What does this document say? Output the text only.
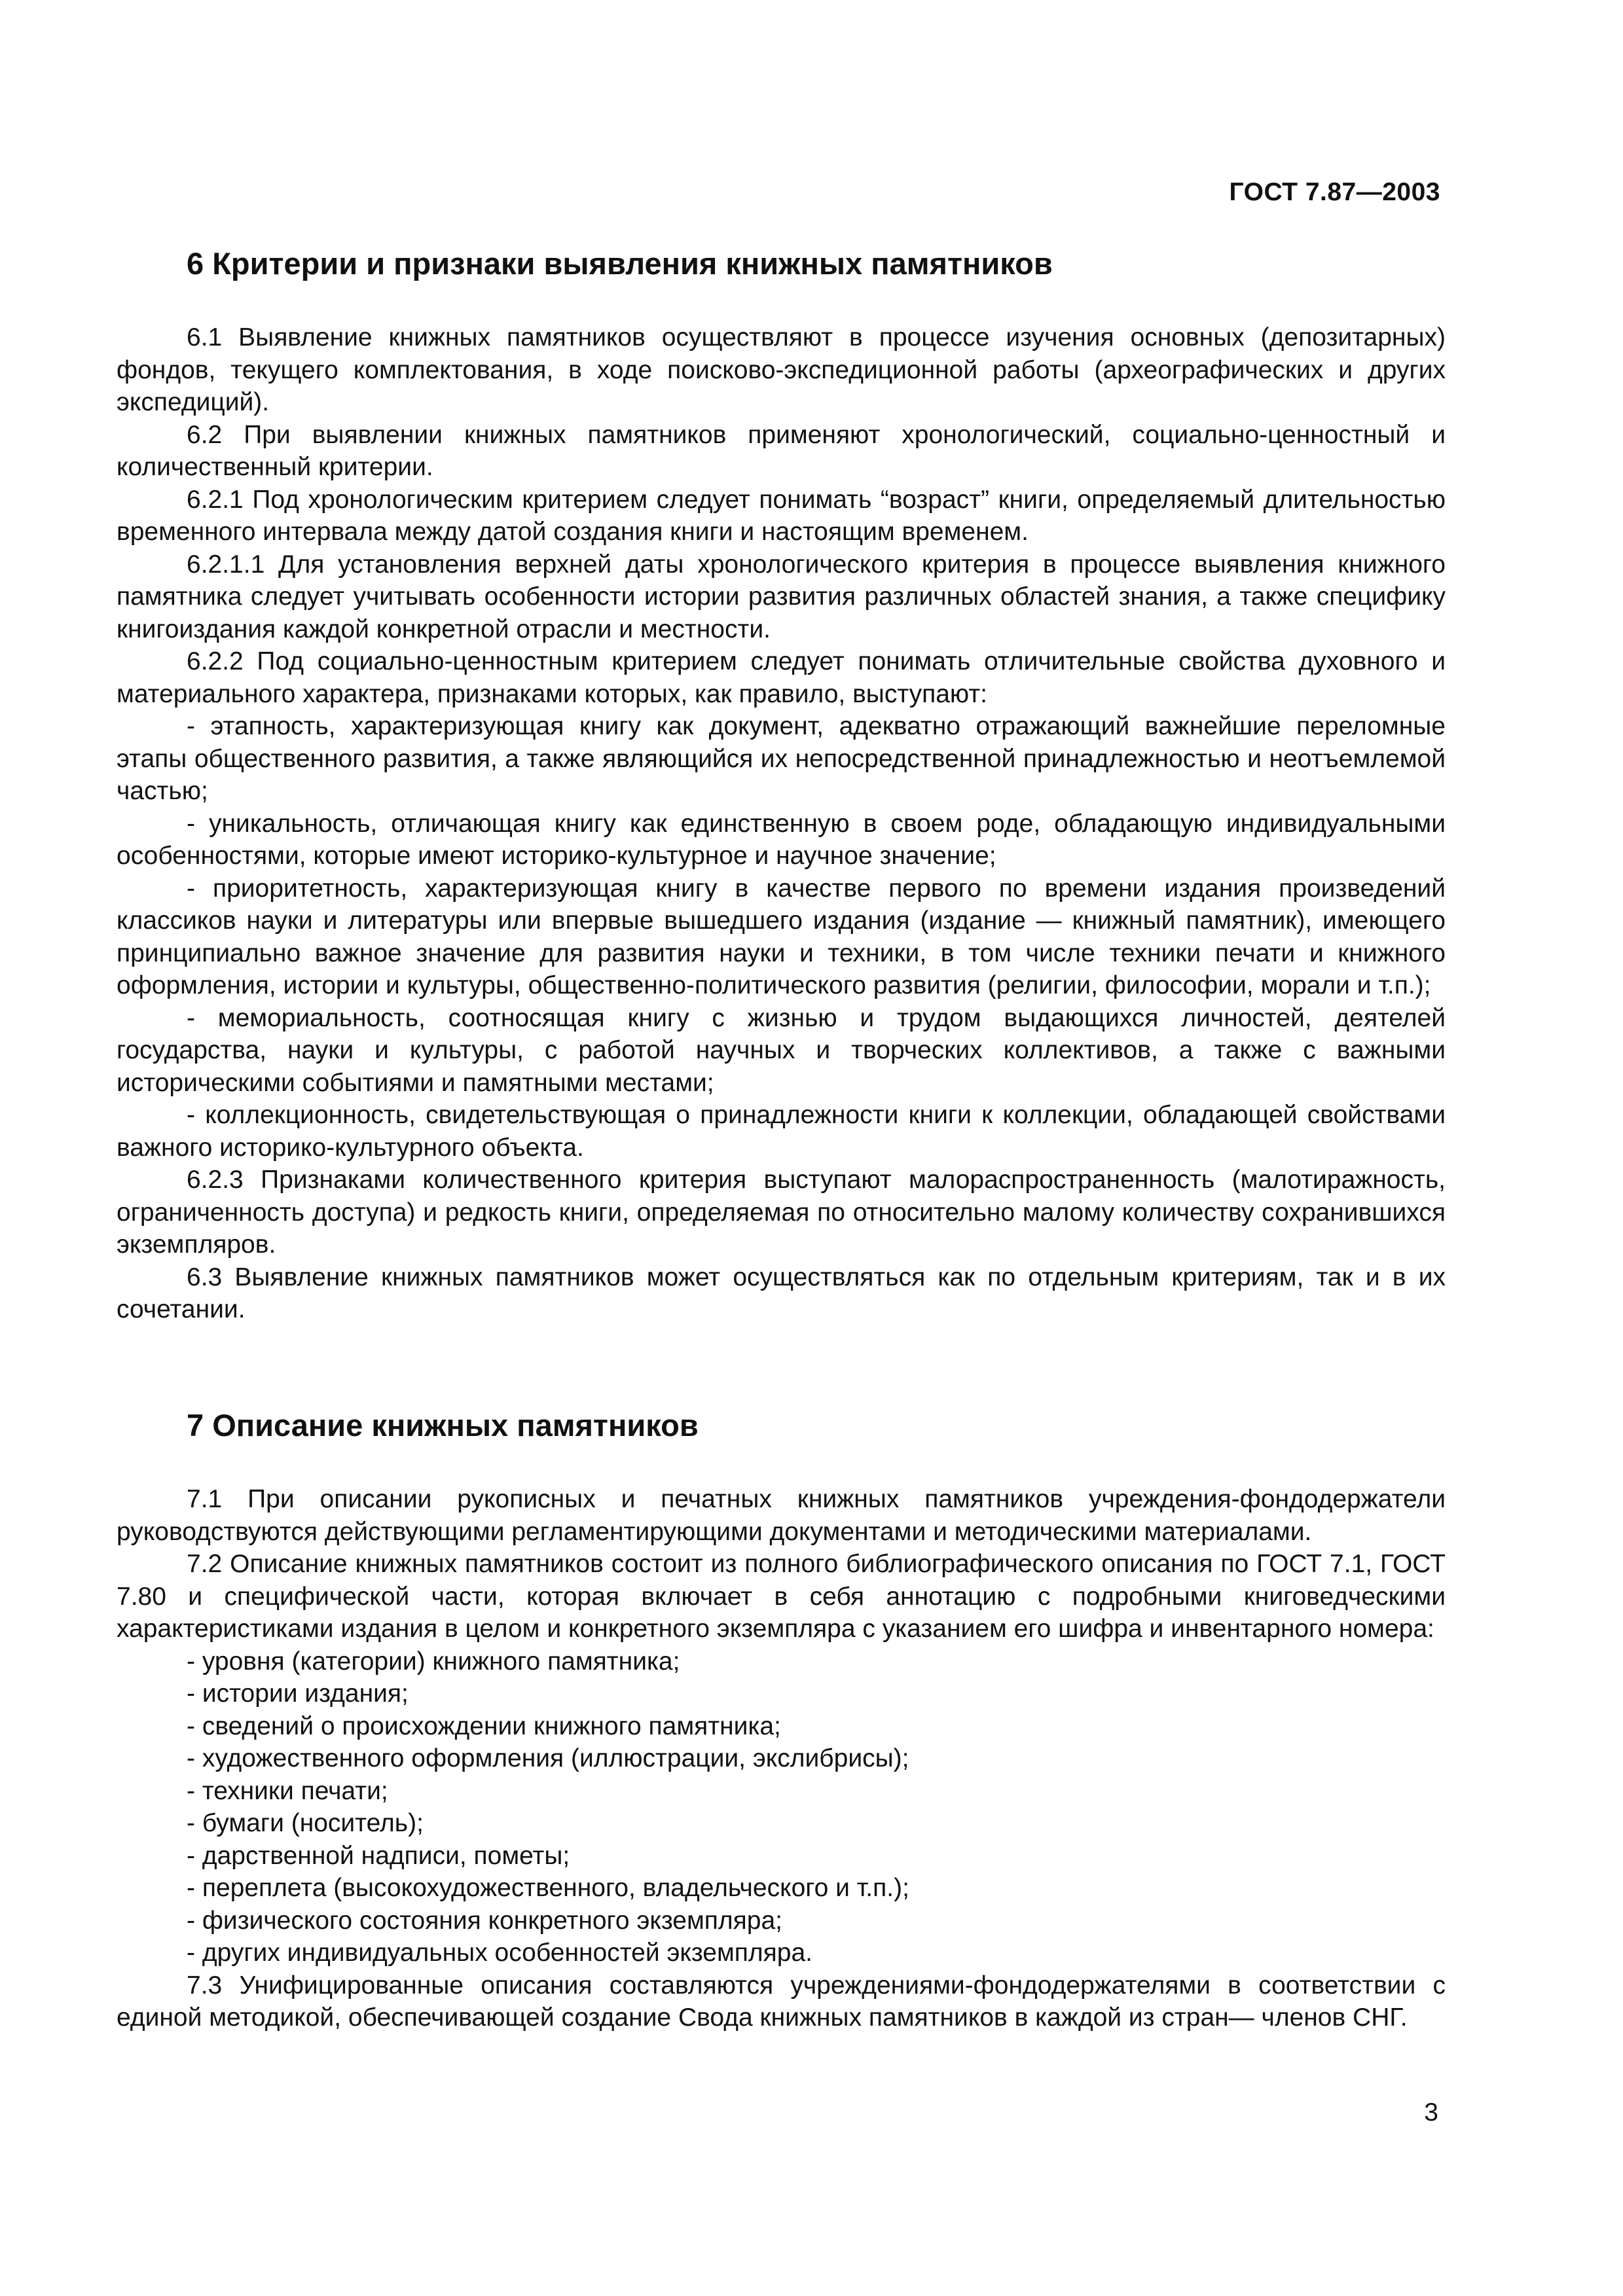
ГОСТ 7.87—2003
6 Критерии и признаки выявления книжных памятников

6.1 Выявление книжных памятников осуществляют в процессе изучения основных (депозитарных) фондов, текущего комплектования, в ходе поисково-экспедиционной работы (археографических и других экспедиций).

6.2 При выявлении книжных памятников применяют хронологический, социально-ценностный и количественный критерии.

6.2.1 Под хронологическим критерием следует понимать “возраст” книги, определяемый длительностью временного интервала между датой создания книги и настоящим временем.

6.2.1.1 Для установления верхней даты хронологического критерия в процессе выявления книжного памятника следует учитывать особенности истории развития различных областей знания, а также специфику книгоиздания каждой конкретной отрасли и местности.

6.2.2 Под социально-ценностным критерием следует понимать отличительные свойства духовного и материального характера, признаками которых, как правило, выступают:

- этапность, характеризующая книгу как документ, адекватно отражающий важнейшие переломные этапы общественного развития, а также являющийся их непосредственной принадлежностью и неотъемлемой частью;

- уникальность, отличающая книгу как единственную в своем роде, обладающую индивидуальными особенностями, которые имеют историко-культурное и научное значение;

- приоритетность, характеризующая книгу в качестве первого по времени издания произведений классиков науки и литературы или впервые вышедшего издания (издание — книжный памятник), имеющего принципиально важное значение для развития науки и техники, в том числе техники печати и книжного оформления, истории и культуры, общественно-политического развития (религии, философии, морали и т.п.);

- мемориальность, соотносящая книгу с жизнью и трудом выдающихся личностей, деятелей государства, науки и культуры, с работой научных и творческих коллективов, а также с важными историческими событиями и памятными местами;

- коллекционность, свидетельствующая о принадлежности книги к коллекции, обладающей свойствами важного историко-культурного объекта.

6.2.3 Признаками количественного критерия выступают малораспространенность (малотиражность, ограниченность доступа) и редкость книги, определяемая по относительно малому количеству сохранившихся экземпляров.

6.3 Выявление книжных памятников может осуществляться как по отдельным критериям, так и в их сочетании.

7 Описание книжных памятников

7.1 При описании рукописных и печатных книжных памятников учреждения-фондодержатели руководствуются действующими регламентирующими документами и методическими материалами.

7.2 Описание книжных памятников состоит из полного библиографического описания по ГОСТ 7.1, ГОСТ 7.80 и специфической части, которая включает в себя аннотацию с подробными книговедческими характеристиками издания в целом и конкретного экземпляра с указанием его шифра и инвентарного номера:

- уровня (категории) книжного памятника;
- истории издания;
- сведений о происхождении книжного памятника;
- художественного оформления (иллюстрации, экслибрисы);
- техники печати;
- бумаги (носитель);
- дарственной надписи, пометы;
- переплета (высокохудожественного, владельческого и т.п.);
- физического состояния конкретного экземпляра;
- других индивидуальных особенностей экземпляра.

7.3 Унифицированные описания составляются учреждениями-фондодержателями в соответствии с единой методикой, обеспечивающей создание Свода книжных памятников в каждой из стран— членов СНГ.

3
